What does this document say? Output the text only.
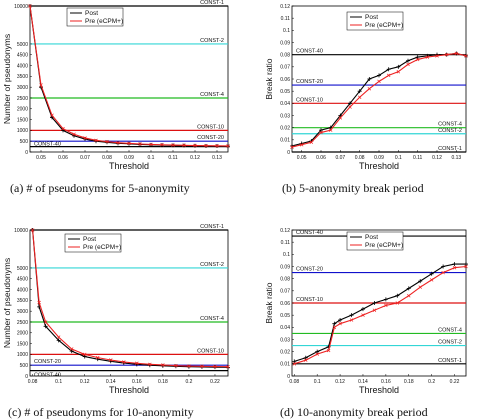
(a) # of pseudonyms for 5-anonymity	(b) 5-anonymity break period
(c) # of pseudonyms for 10-anonymity	(d) 10-anonymity break period
CONST-1
CONST-2
CONST-4
CONST-10
CONST-20
CONST-40
0.05 0.06 0.07 0.08 0.09	0.1	0.11 0.12 0.13
0
500
1000
1500
2000
2500
3000
3500
4000
4500
5000
10000
Threshold
Number of pseudonyms
Post
Pre (eCPM+)
CONST-40
CONST-20
CONST-10
CONST-4
CONST-2
CONST-1
0.05 0.06 0.07 0.08 0.09 0.1 0.11 0.12 0.13
0
0.01
0.02
0.03
0.04
0.05
0.06
0.07
0.08
0.09
0.1
0.11
0.12
Threshold
Break ratio
Post
Pre (eCPM+)
CONST-1
CONST-2
CONST-4
CONST-10
CONST-20
CONST-40
0.08	0.1	0.12	0.14	0.16	0.18	0.2	0.22
0
500
1000
1500
2000
2500
3000
3500
4000
4500
5000
10000
Threshold
Number of pseudonyms
Post
Pre (eCPM+)
CONST-40
CONST-20
CONST-10
CONST-4
CONST-2
CONST-1
0.08	0.1	0.12	0.14	0.16	0.18	0.2	0.22
0
0.01
0.02
0.03
0.04
0.05
0.06
0.07
0.08
0.09
0.1
0.11
0.12
Threshold
Break ratio
Post
Pre (eCPM+)
